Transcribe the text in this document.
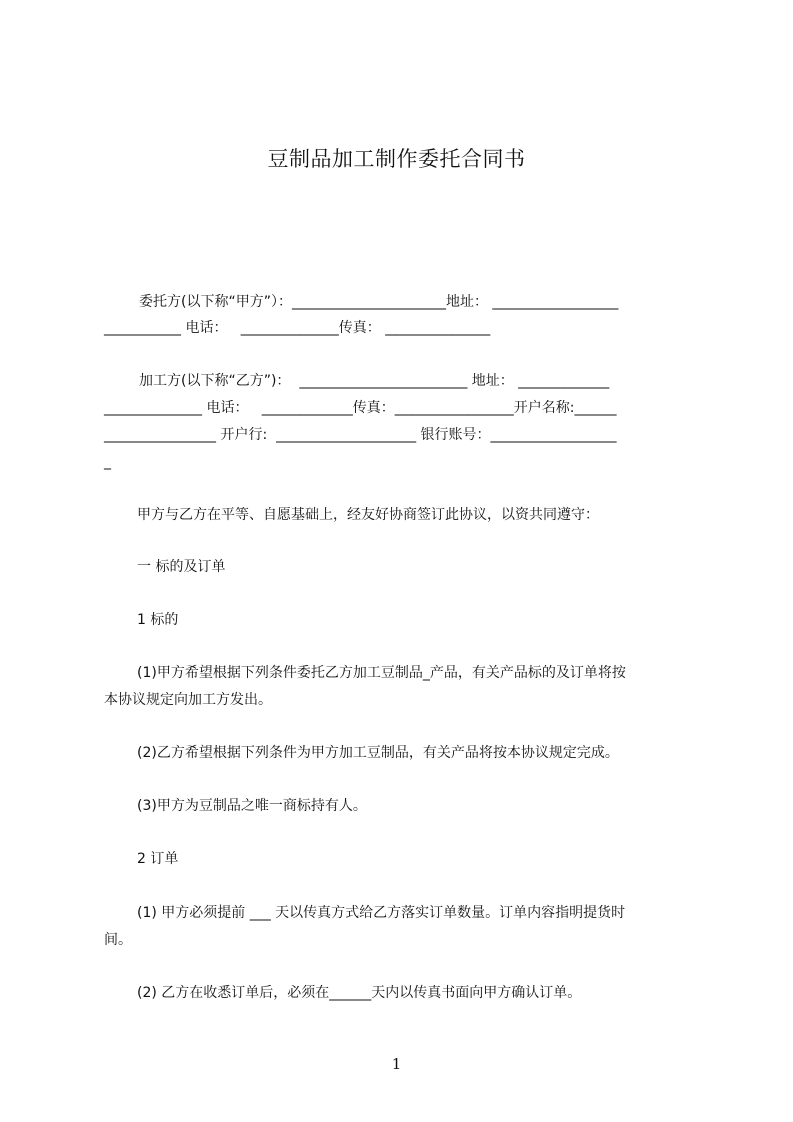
豆制品加工制作委托合同书
委托方(以下称“甲方”）：______________________地址： __________________
___________ 电话：   ______________传真： _______________
加工方(以下称“乙方”)：  ________________________ 地址： _____________
______________ 电话：   _____________传真：_________________开户名称:______
________________ 开户行:  ____________________ 银行账号：__________________
_
甲方与乙方在平等、自愿基础上，经友好协商签订此协议，以资共同遵守：
一 标的及订单
1 标的
(1)甲方希望根据下列条件委托乙方加工豆制品_产品，有关产品标的及订单将按
本协议规定向加工方发出。
(2)乙方希望根据下列条件为甲方加工豆制品，有关产品将按本协议规定完成。
(3)甲方为豆制品之唯一商标持有人。
2 订单
(1) 甲方必须提前 ___ 天以传真方式给乙方落实订单数量。订单内容指明提货时
间。
(2) 乙方在收悉订单后，必须在______天内以传真书面向甲方确认订单。
1
